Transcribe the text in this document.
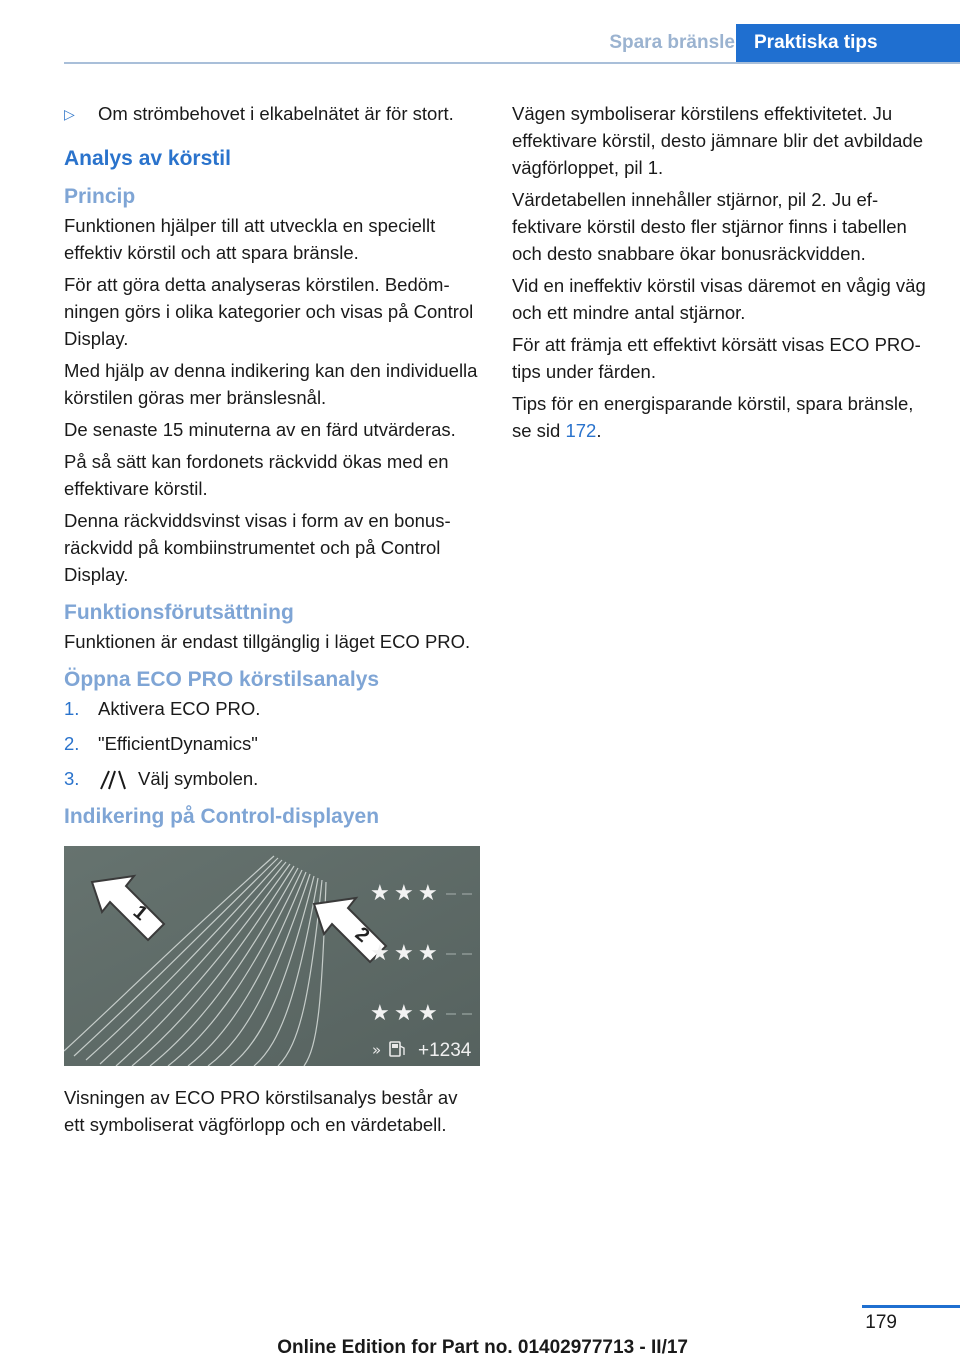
Spara bränsle	Praktiska tips
▷	Om strömbehovet i elkabelnätet är för stort.
Analys av körstil
Princip

Funktionen hjälper till att utveckla en speciellt effektiv körstil och att spara bränsle.

För att göra detta analyseras körstilen. Bedömningen görs i olika kategorier och visas på Control Display.

Med hjälp av denna indikering kan den individuella körstilen göras mer bränslesnål.

De senaste 15 minuterna av en färd utvärderas.

På så sätt kan fordonets räckvidd ökas med en effektivare körstil.

Denna räckviddsvinst visas i form av en bonusräckvidd på kombiinstrumentet och på Control Display.

Funktionsförutsättning

Funktionen är endast tillgänglig i läget ECO PRO.

Öppna ECO PRO körstilsanalys
1.	Aktivera ECO PRO.
2.	"EfficientDynamics"
3.	Välj symbolen.
Indikering på Control-displayen
1
2
★ ★ ★
★ ★ ★
★ ★ ★
» +1234

Visningen av ECO PRO körstilsanalys består av ett symboliserat vägförlopp och en värdetabell.

Vägen symboliserar körstilens effektivitetet. Ju effektivare körstil, desto jämnare blir det avbildade vägförloppet, pil 1.

Värdetabellen innehåller stjärnor, pil 2. Ju effektivare körstil desto fler stjärnor finns i tabellen och desto snabbare ökar bonusräckvidden.

Vid en ineffektiv körstil visas däremot en vågig väg och ett mindre antal stjärnor.

För att främja ett effektivt körsätt visas ECO PRO-tips under färden.

Tips för en energisparande körstil, spara bränsle, se sid 172.

179
Online Edition for Part no. 01402977713 - II/17
